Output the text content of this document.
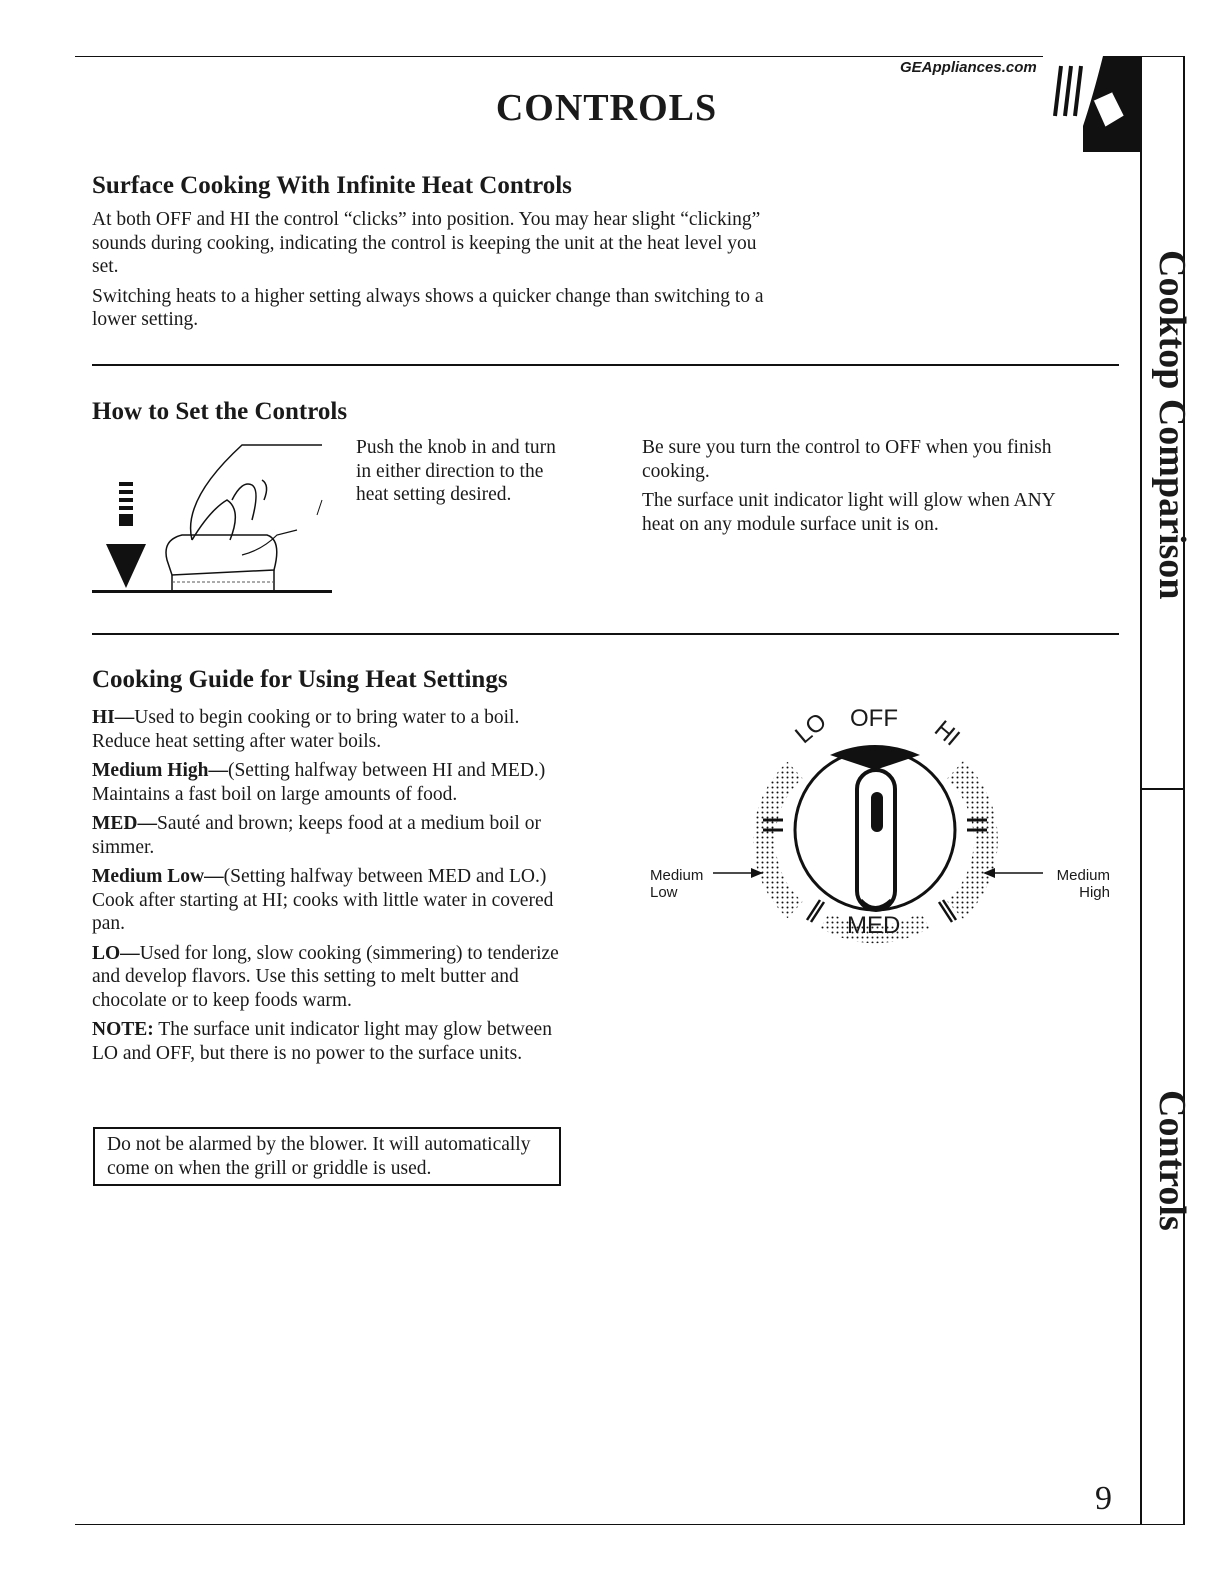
Cooktop Comparison
Controls
GEAppliances.com
CONTROLS
Surface Cooking With Infinite Heat Controls

At both OFF and HI the control “clicks” into position. You may hear slight “clicking” sounds during cooking, indicating the control is keeping the unit at the heat level you set.

Switching heats to a higher setting always shows a quicker change than switching to a lower setting.

How to Set the Controls
Push the knob in and turn in either direction to the heat setting desired.

Be sure you turn the control to OFF when you finish cooking.

The surface unit indicator light will glow when ANY heat on any module surface unit is on.

Cooking Guide for Using Heat Settings

HI—Used to begin cooking or to bring water to a boil. Reduce heat setting after water boils.

Medium High—(Setting halfway between HI and MED.) Maintains a fast boil on large amounts of food.

MED—Sauté and brown; keeps food at a medium boil or simmer.

Medium Low—(Setting halfway between MED and LO.) Cook after starting at HI; cooks with little water in covered pan.

LO—Used for long, slow cooking (simmering) to tenderize and develop flavors. Use this setting to melt butter and chocolate or to keep foods warm.

NOTE: The surface unit indicator light may glow between LO and OFF, but there is no power to the surface units.

Do not be alarmed by the blower. It will automatically come on when the grill or griddle is used.
OFF
LO	HI
MED
Medium
Low
Medium
High
9
